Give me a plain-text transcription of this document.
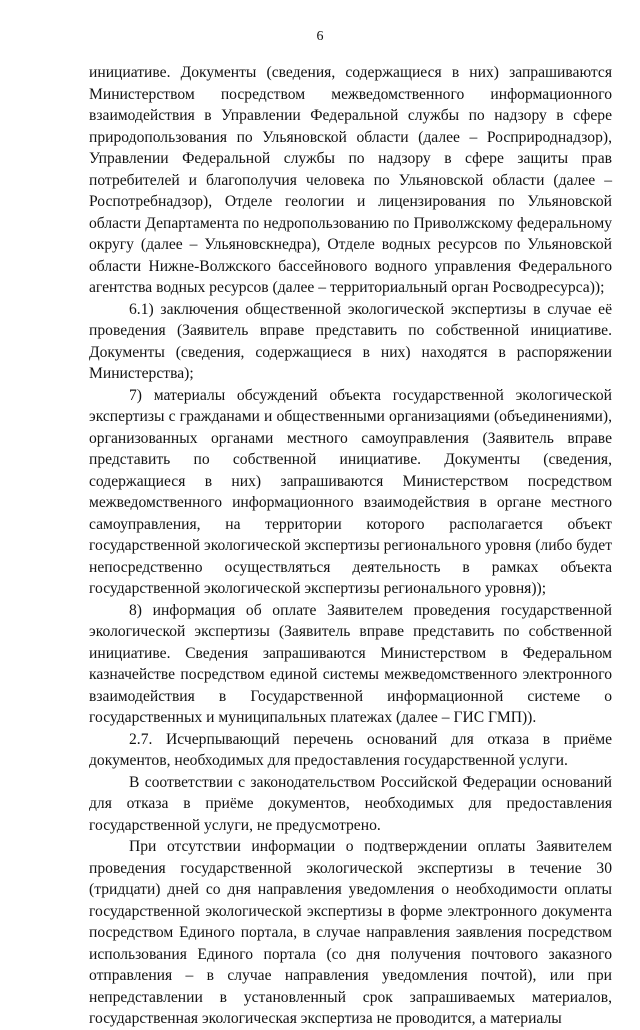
6

инициативе. Документы (сведения, содержащиеся в них) запрашиваются Министерством посредством межведомственного информационного взаимодействия в Управлении Федеральной службы по надзору в сфере природопользования по Ульяновской области (далее – Росприроднадзор), Управлении Федеральной службы по надзору в сфере защиты прав потребителей и благополучия человека по Ульяновской области (далее – Роспотребнадзор), Отделе геологии и лицензирования по Ульяновской области Департамента по недропользованию по Приволжскому федеральному округу (далее – Ульяновскнедра), Отделе водных ресурсов по Ульяновской области Нижне-Волжского бассейнового водного управления Федерального агентства водных ресурсов (далее – территориальный орган Росводресурса));

6.1) заключения общественной экологической экспертизы в случае её проведения (Заявитель вправе представить по собственной инициативе. Документы (сведения, содержащиеся в них) находятся в распоряжении Министерства);

7) материалы обсуждений объекта государственной экологической экспертизы с гражданами и общественными организациями (объединениями), организованных органами местного самоуправления (Заявитель вправе представить по собственной инициативе. Документы (сведения, содержащиеся в них) запрашиваются Министерством посредством межведомственного информационного взаимодействия в органе местного самоуправления, на территории которого располагается объект государственной экологической экспертизы регионального уровня (либо будет непосредственно осуществляться деятельность в рамках объекта государственной экологической экспертизы регионального уровня));

8) информация об оплате Заявителем проведения государственной экологической экспертизы (Заявитель вправе представить по собственной инициативе. Сведения запрашиваются Министерством в Федеральном казначействе посредством единой системы межведомственного электронного взаимодействия в Государственной информационной системе о государственных и муниципальных платежах (далее – ГИС ГМП)).

2.7. Исчерпывающий перечень оснований для отказа в приёме документов, необходимых для предоставления государственной услуги.

В соответствии с законодательством Российской Федерации оснований для отказа в приёме документов, необходимых для предоставления государственной услуги, не предусмотрено.

При отсутствии информации о подтверждении оплаты Заявителем проведения государственной экологической экспертизы в течение 30 (тридцати) дней со дня направления уведомления о необходимости оплаты государственной экологической экспертизы в форме электронного документа посредством Единого портала, в случае направления заявления посредством использования Единого портала (со дня получения почтового заказного отправления – в случае направления уведомления почтой), или при непредставлении в установленный срок запрашиваемых материалов, государственная экологическая экспертиза не проводится, а материалы
